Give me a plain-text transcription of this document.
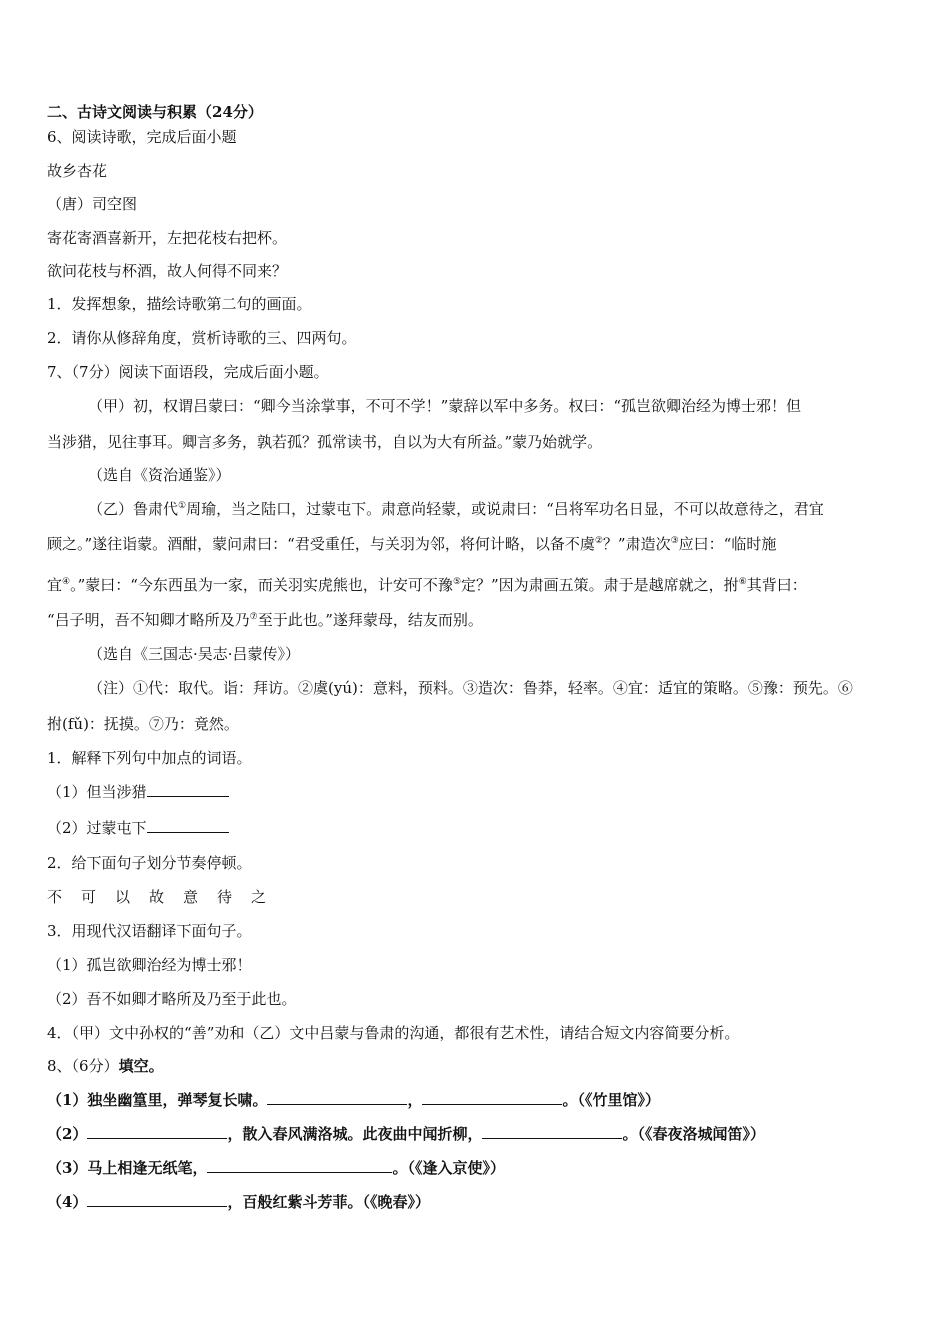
二、古诗文阅读与积累（24分）
6、阅读诗歌，完成后面小题
故乡杏花
（唐）司空图
寄花寄酒喜新开，左把花枝右把杯。
欲问花枝与杯酒，故人何得不同来？
1．发挥想象，描绘诗歌第二句的画面。
2．请你从修辞角度，赏析诗歌的三、四两句。
7、（7分）阅读下面语段，完成后面小题。
（甲）初，权谓吕蒙曰：“卿今当涂掌事，不可不学！”蒙辞以军中多务。权曰：“孤岂欲卿治经为博士邪！但
当涉猎，见往事耳。卿言多务，孰若孤？孤常读书，自以为大有所益。”蒙乃始就学。
（选自《资治通鉴》）
（乙）鲁肃代①周瑜，当之陆口，过蒙屯下。肃意尚轻蒙，或说肃曰：“吕将军功名日显，不可以故意待之，君宜
顾之。”遂往诣蒙。酒酣，蒙问肃曰：“君受重任，与关羽为邻，将何计略，以备不虞②？”肃造次③应曰：“临时施
宜④。”蒙曰：“今东西虽为一家，而关羽实虎熊也，计安可不豫⑤定？”因为肃画五策。肃于是越席就之，拊⑥其背曰：
“吕子明，吾不知卿才略所及乃⑦至于此也。”遂拜蒙母，结友而别。
（选自《三国志·吴志·吕蒙传》）
（注）①代：取代。诣：拜访。②虞(yú)：意料，预料。③造次：鲁莽，轻率。④宜：适宜的策略。⑤豫：预先。⑥
拊(fǔ)：抚摸。⑦乃：竟然。
1．解释下列句中加点的词语。
（1）但当涉猎
（2）过蒙屯下
2．给下面句子划分节奏停顿。
不 可 以 故 意 待 之
3．用现代汉语翻译下面句子。
（1）孤岂欲卿治经为博士邪！
（2）吾不如卿才略所及乃至于此也。
4．（甲）文中孙权的“善”劝和（乙）文中吕蒙与鲁肃的沟通，都很有艺术性，请结合短文内容简要分析。
8、（6分）填空。
（1）独坐幽篁里，弹琴复长啸。	，	。（《竹里馆》）
（2）	，散入春风满洛城。此夜曲中闻折柳，	。（《春夜洛城闻笛》）
（3）马上相逢无纸笔，	。（《逢入京使》）
（4）	，百般红紫斗芳菲。（《晚春》）
